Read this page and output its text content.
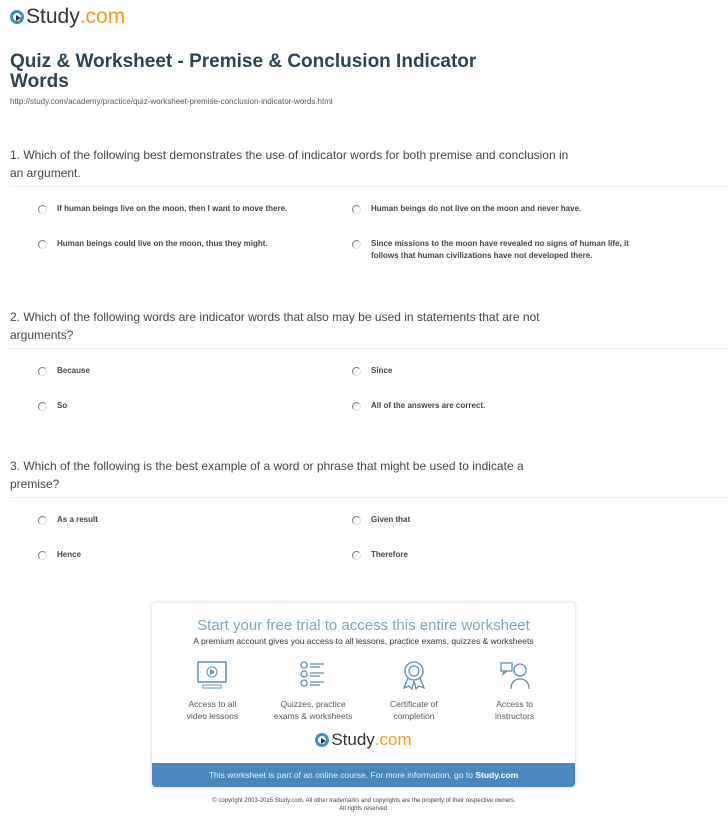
Study .com
Quiz & Worksheet - Premise & Conclusion Indicator Words
http://study.com/academy/practice/quiz-worksheet-premise-conclusion-indicator-words.html
1. Which of the following best demonstrates the use of indicator words for both premise and conclusion in an argument.
If human beings live on the moon, then I want to move there.	Human beings do not live on the moon and never have.
Human beings could live on the moon, thus they might.	Since missions to the moon have revealed no signs of human life, it follows that human civilizations have not developed there.
2. Which of the following words are indicator words that also may be used in statements that are not arguments?
Because	Since
So	All of the answers are correct.
3. Which of the following is the best example of a word or phrase that might be used to indicate a premise?
As a result	Given that
Hence	Therefore
Start your free trial to access this entire worksheet
A premium account gives you access to all lessons, practice exams, quizzes & worksheets
Access to all
video lessons
Quizzes, practice
exams & worksheets
Certificate of
completion
Access to
instructors
Study .com
This worksheet is part of an online course. For more information, go to Study.com
© copyright 2003-2015 Study.com. All other trademarks and copyrights are the property of their respective owners.
All rights reserved.
